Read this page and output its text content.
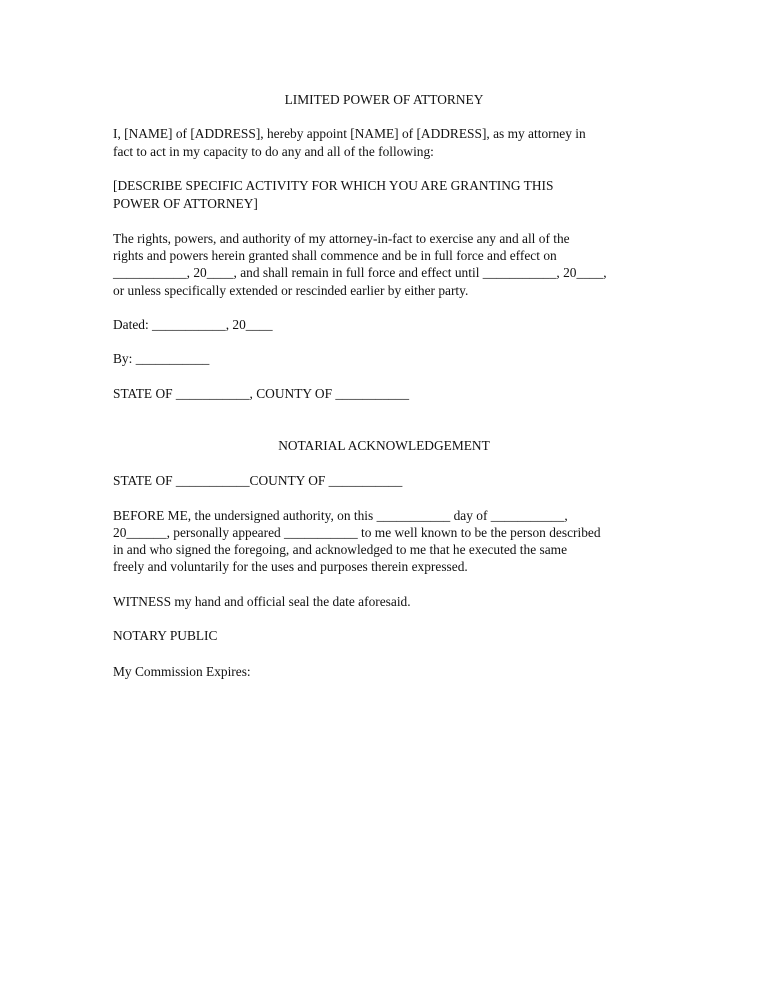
LIMITED POWER OF ATTORNEY
I, [NAME] of [ADDRESS], hereby appoint [NAME] of [ADDRESS], as my attorney in
fact to act in my capacity to do any and all of the following:
[DESCRIBE SPECIFIC ACTIVITY FOR WHICH YOU ARE GRANTING THIS
POWER OF ATTORNEY]
The rights, powers, and authority of my attorney-in-fact to exercise any and all of the
rights and powers herein granted shall commence and be in full force and effect on
___________, 20____, and shall remain in full force and effect until ___________, 20____,
or unless specifically extended or rescinded earlier by either party.
Dated: ___________, 20____
By: ___________
STATE OF ___________, COUNTY OF ___________
NOTARIAL ACKNOWLEDGEMENT
STATE OF ___________COUNTY OF ___________
BEFORE ME, the undersigned authority, on this ___________ day of ___________,
20______, personally appeared ___________ to me well known to be the person described
in and who signed the foregoing, and acknowledged to me that he executed the same
freely and voluntarily for the uses and purposes therein expressed.
WITNESS my hand and official seal the date aforesaid.
NOTARY PUBLIC
My Commission Expires:
